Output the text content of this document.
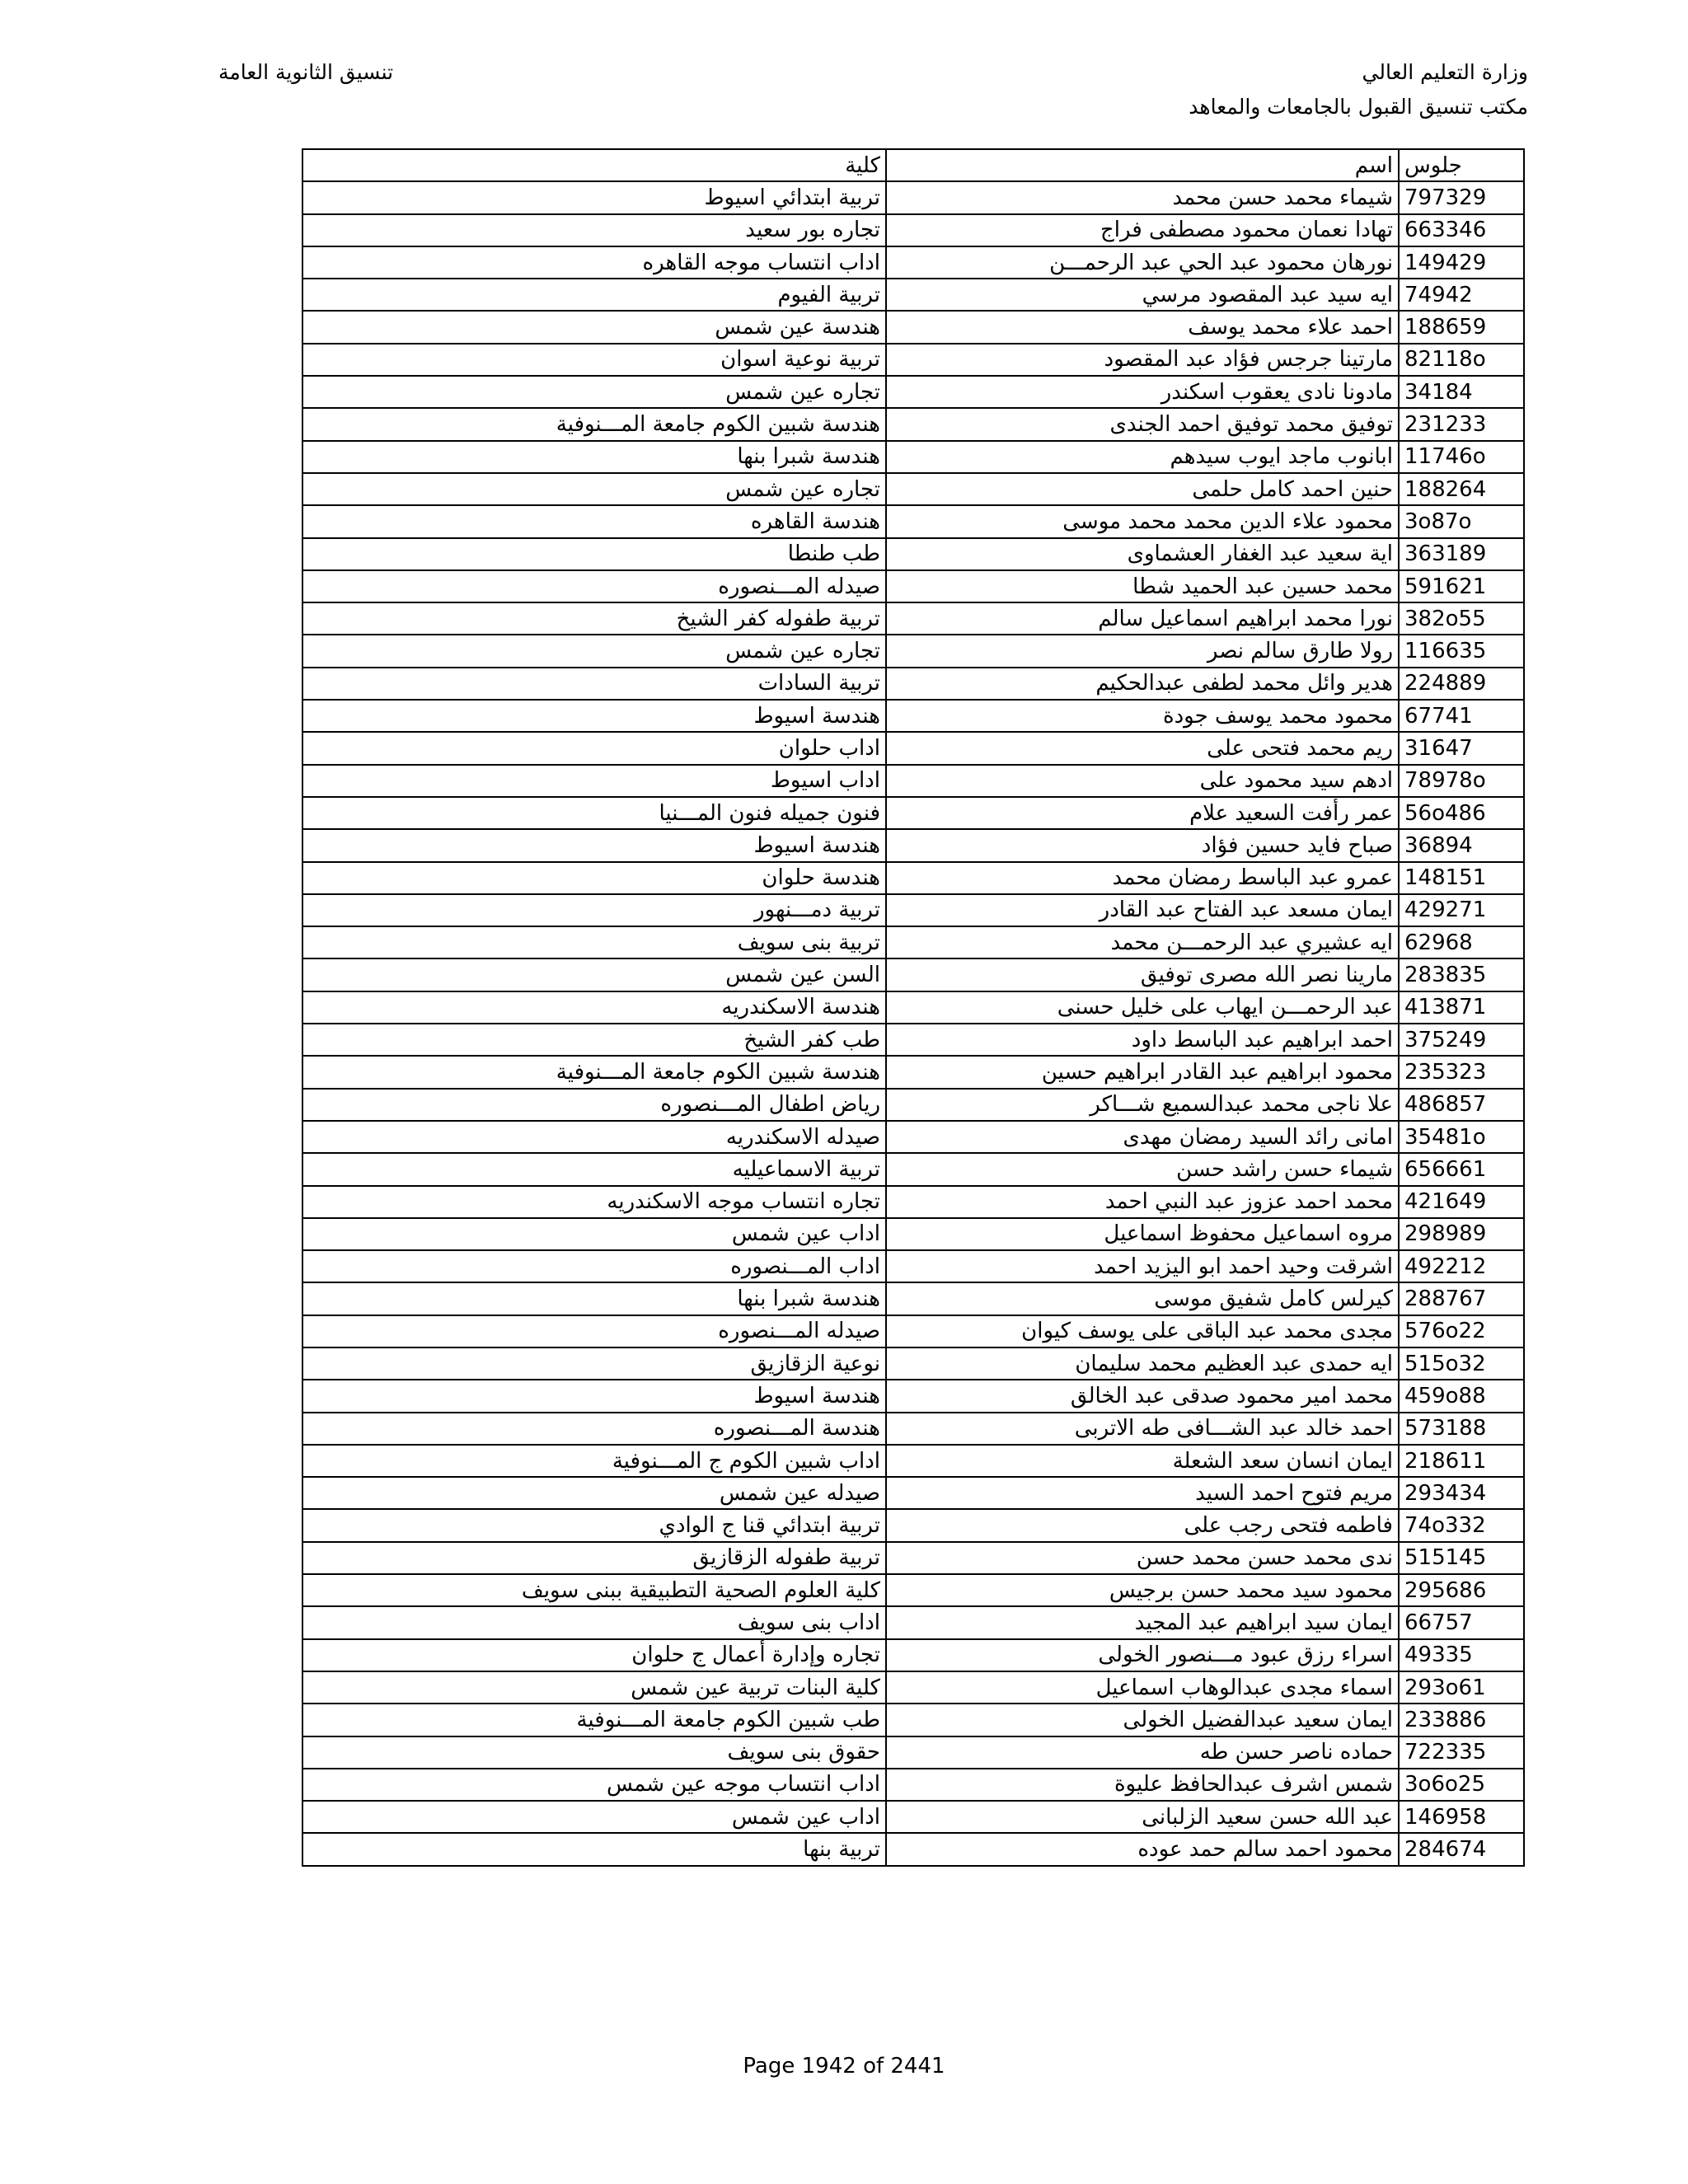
وزارة التعليم العالي
مكتب تنسيق القبول بالجامعات والمعاهد
تنسيق الثانوية العامة
كلية	اسم	جلوس
تربية ابتدائي اسيوط	شيماء محمد حسن محمد	797329
تجاره بور سعيد	تهادا نعمان محمود مصطفى فراج	663346
اداب انتساب موجه القاهره	نورهان محمود عبد الحي عبد الرحمـــن	149429
تربية الفيوم	ايه سيد عبد المقصود مرسي	74942
هندسة عين شمس	احمد علاء محمد يوسف	188659
تربية نوعية اسوان	مارتينا جرجس فؤاد عبد المقصود	82118o
تجاره عين شمس	مادونا نادى يعقوب اسكندر	34184
هندسة شبين الكوم جامعة المـــنوفية	توفيق محمد توفيق احمد الجندى	231233
هندسة شبرا بنها	ابانوب ماجد ايوب سيدهم	11746o
تجاره عين شمس	حنين احمد كامل حلمى	188264
هندسة القاهره	محمود علاء الدين محمد محمد موسى	3o87o
طب طنطا	اية سعيد عبد الغفار العشماوى	363189
صيدله المـــنصوره	محمد حسين عبد الحميد شطا	591621
تربية طفوله كفر الشيخ	نورا محمد ابراهيم اسماعيل سالم	382o55
تجاره عين شمس	رولا طارق سالم نصر	116635
تربية السادات	هدير وائل محمد لطفى عبدالحكيم	224889
هندسة اسيوط	محمود محمد يوسف جودة	67741
اداب حلوان	ريم محمد فتحى على	31647
اداب اسيوط	ادهم سيد محمود على	78978o
فنون جميله فنون المـــنيا	عمر رأفت السعيد علام	56o486
هندسة اسيوط	صباح فايد حسين فؤاد	36894
هندسة حلوان	عمرو عبد الباسط رمضان محمد	148151
تربية دمـــنهور	ايمان مسعد عبد الفتاح عبد القادر	429271
تربية بنى سويف	ايه عشيري عبد الرحمـــن محمد	62968
السن عين شمس	مارينا نصر الله مصرى توفيق	283835
هندسة الاسكندريه	عبد الرحمـــن ايهاب على خليل حسنى	413871
طب كفر الشيخ	احمد ابراهيم عبد الباسط داود	375249
هندسة شبين الكوم جامعة المـــنوفية	محمود ابراهيم عبد القادر ابراهيم حسين	235323
رياض اطفال المـــنصوره	علا ناجى محمد عبدالسميع شـــاكر	486857
صيدله الاسكندريه	امانى رائد السيد رمضان مهدى	35481o
تربية الاسماعيليه	شيماء حسن راشد حسن	656661
تجاره انتساب موجه الاسكندريه	محمد احمد عزوز عبد النبي احمد	421649
اداب عين شمس	مروه اسماعيل محفوظ اسماعيل	298989
اداب المـــنصوره	اشرقت وحيد احمد ابو اليزيد احمد	492212
هندسة شبرا بنها	كيرلس كامل شفيق موسى	288767
صيدله المـــنصوره	مجدى محمد عبد الباقى على يوسف كيوان	576o22
نوعية الزقازيق	ايه حمدى عبد العظيم محمد سليمان	515o32
هندسة اسيوط	محمد امير محمود صدقى عبد الخالق	459o88
هندسة المـــنصوره	احمد خالد عبد الشـــافى طه الاتربى	573188
اداب شبين الكوم ج المـــنوفية	ايمان انسان سعد الشعلة	218611
صيدله عين شمس	مريم فتوح احمد السيد	293434
تربية ابتدائي قنا ج الوادي	فاطمه فتحى رجب على	74o332
تربية طفوله الزقازيق	ندى محمد حسن محمد حسن	515145
كلية العلوم الصحية التطبيقية ببنى سويف	محمود سيد محمد حسن برجيس	295686
اداب بنى سويف	ايمان سيد ابراهيم عبد المجيد	66757
تجاره وإدارة أعمال ج حلوان	اسراء رزق عبود مـــنصور الخولى	49335
كلية البنات تربية عين شمس	اسماء مجدى عبدالوهاب اسماعيل	293o61
طب شبين الكوم جامعة المـــنوفية	ايمان سعيد عبدالفضيل الخولى	233886
حقوق بنى سويف	حماده ناصر حسن طه	722335
اداب انتساب موجه عين شمس	شمس اشرف عبدالحافظ عليوة	3o6o25
اداب عين شمس	عبد الله حسن سعيد الزلبانى	146958
تربية بنها	محمود احمد سالم حمد عوده	284674
Page 1942 of 2441
